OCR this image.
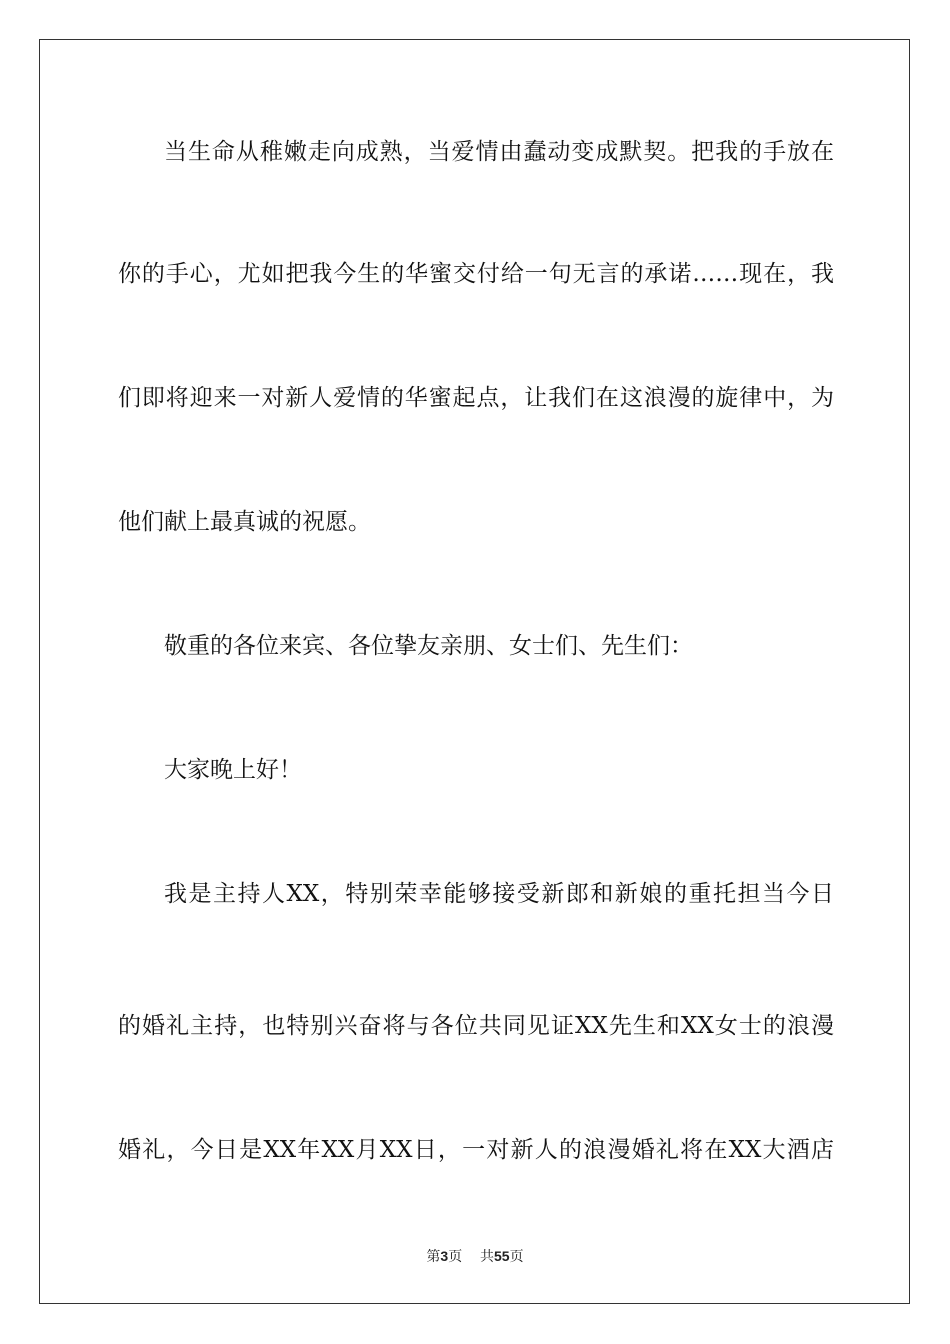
当生命从稚嫩走向成熟，当爱情由蠢动变成默契。把我的手放在
你的手心，尤如把我今生的华蜜交付给一句无言的承诺……现在，我
们即将迎来一对新人爱情的华蜜起点，让我们在这浪漫的旋律中，为
他们献上最真诚的祝愿。
敬重的各位来宾、各位挚友亲朋、女士们、先生们：
大家晚上好！
我是主持人XX，特别荣幸能够接受新郎和新娘的重托担当今日
的婚礼主持，也特别兴奋将与各位共同见证XX先生和XX女士的浪漫
婚礼，今日是XX年XX月XX日，一对新人的浪漫婚礼将在XX大酒店
第3页 共55页
